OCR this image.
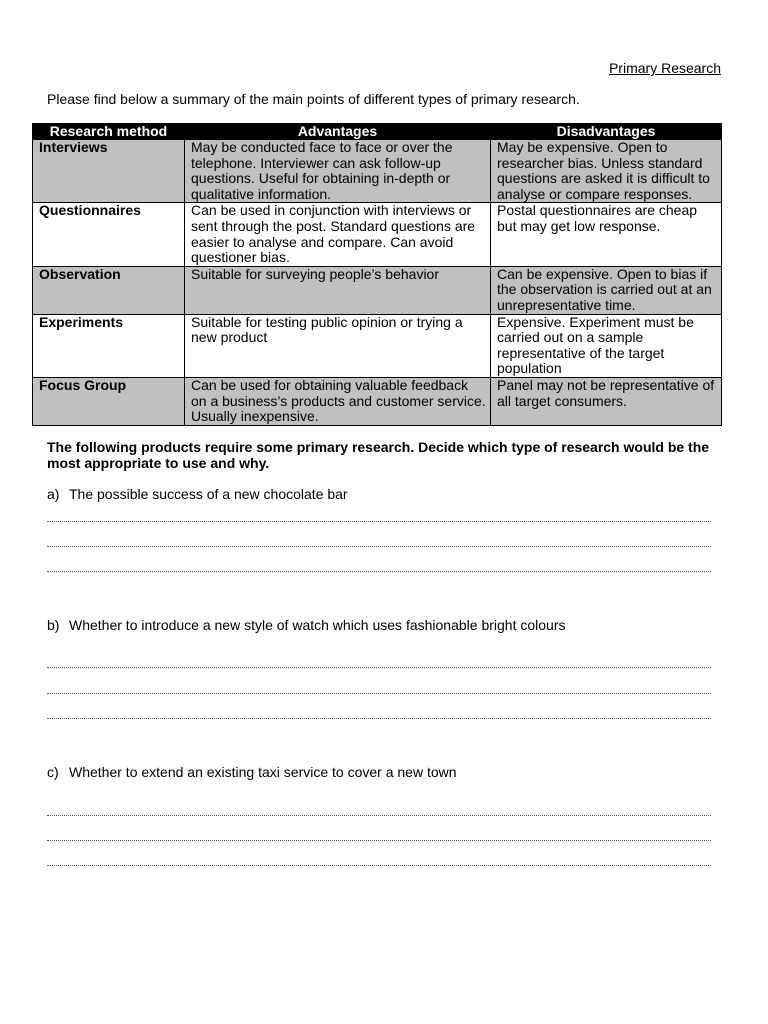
Primary Research
Please find below a summary of the main points of different types of primary research.
Research method	Advantages	Disadvantages
Interviews	May be conducted face to face or over the telephone. Interviewer can ask follow-up questions. Useful for obtaining in-depth or qualitative information.	May be expensive. Open to researcher bias. Unless standard questions are asked it is difficult to analyse or compare responses.
Questionnaires	Can be used in conjunction with interviews or sent through the post. Standard questions are easier to analyse and compare. Can avoid questioner bias.	Postal questionnaires are cheap but may get low response.
Observation	Suitable for surveying people’s behavior	Can be expensive. Open to bias if the observation is carried out at an unrepresentative time.
Experiments	Suitable for testing public opinion or trying a new product	Expensive. Experiment must be carried out on a sample representative of the target population
Focus Group	Can be used for obtaining valuable feedback on a business’s products and customer service. Usually inexpensive.	Panel may not be representative of all target consumers.
The following products require some primary research. Decide which type of research would be the most appropriate to use and why.
a) The possible success of a new chocolate bar
b) Whether to introduce a new style of watch which uses fashionable bright colours
c) Whether to extend an existing taxi service to cover a new town
